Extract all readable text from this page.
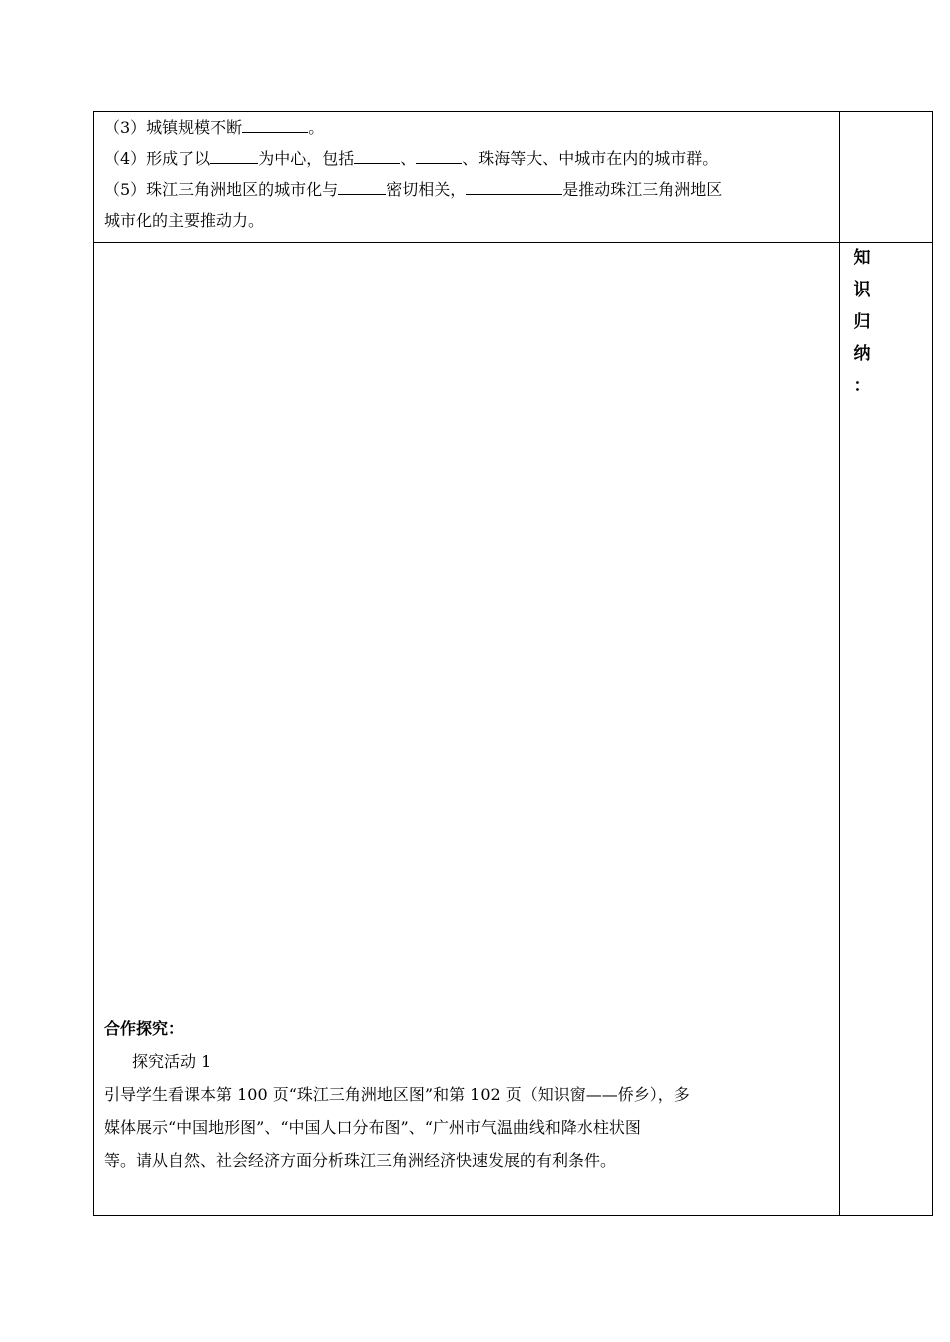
（3）城镇规模不断	。

（4）形成了以	为中心，包括	、	、珠海等大、中城市在内的城市群。

（5）珠江三角洲地区的城市化与	密切相关，	是推动珠江三角洲地区

城市化的主要推动力。

知
识
归
纳
：

合作探究：

探究活动 1

引导学生看课本第 100 页“珠江三角洲地区图”和第 102 页（知识窗——侨乡），多

媒体展示“中国地形图”、“中国人口分布图”、“广州市气温曲线和降水柱状图

等。请从自然、社会经济方面分析珠江三角洲经济快速发展的有利条件。
